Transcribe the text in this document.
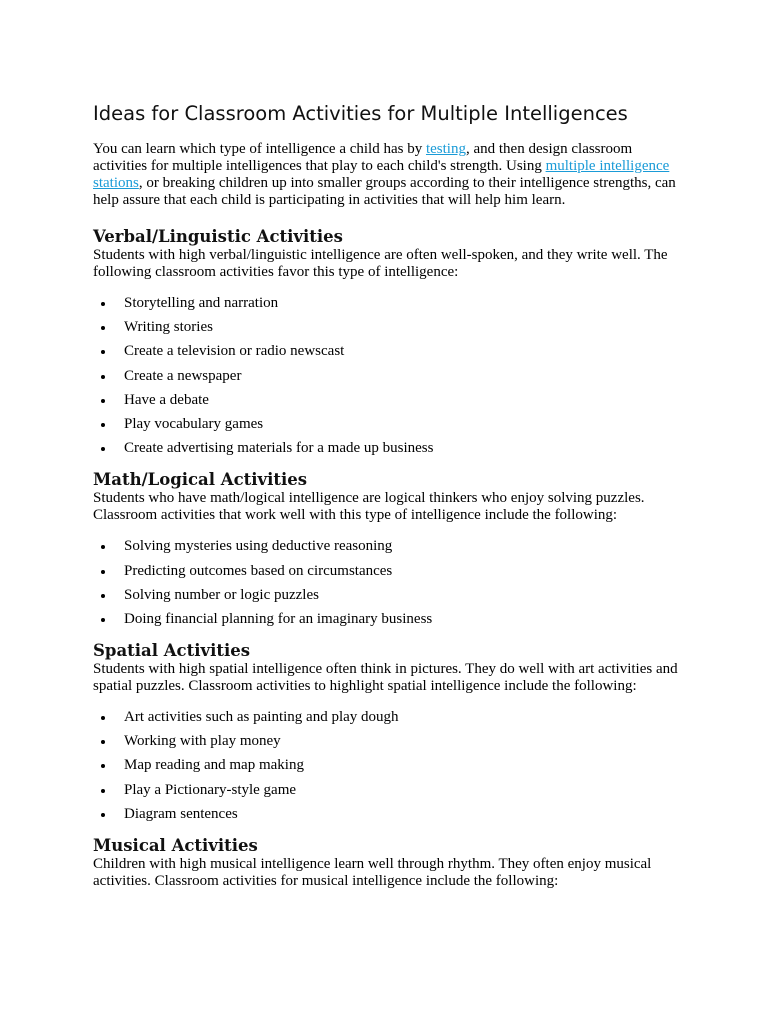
Ideas for Classroom Activities for Multiple Intelligences

You can learn which type of intelligence a child has by testing, and then design classroom activities for multiple intelligences that play to each child's strength. Using multiple intelligence stations, or breaking children up into smaller groups according to their intelligence strengths, can help assure that each child is participating in activities that will help him learn.

Verbal/Linguistic Activities

Students with high verbal/linguistic intelligence are often well-spoken, and they write well. The following classroom activities favor this type of intelligence:

Storytelling and narration
Writing stories
Create a television or radio newscast
Create a newspaper
Have a debate
Play vocabulary games
Create advertising materials for a made up business
Math/Logical Activities

Students who have math/logical intelligence are logical thinkers who enjoy solving puzzles. Classroom activities that work well with this type of intelligence include the following:

Solving mysteries using deductive reasoning
Predicting outcomes based on circumstances
Solving number or logic puzzles
Doing financial planning for an imaginary business
Spatial Activities

Students with high spatial intelligence often think in pictures. They do well with art activities and spatial puzzles. Classroom activities to highlight spatial intelligence include the following:

Art activities such as painting and play dough
Working with play money
Map reading and map making
Play a Pictionary-style game
Diagram sentences
Musical Activities

Children with high musical intelligence learn well through rhythm. They often enjoy musical activities. Classroom activities for musical intelligence include the following:
